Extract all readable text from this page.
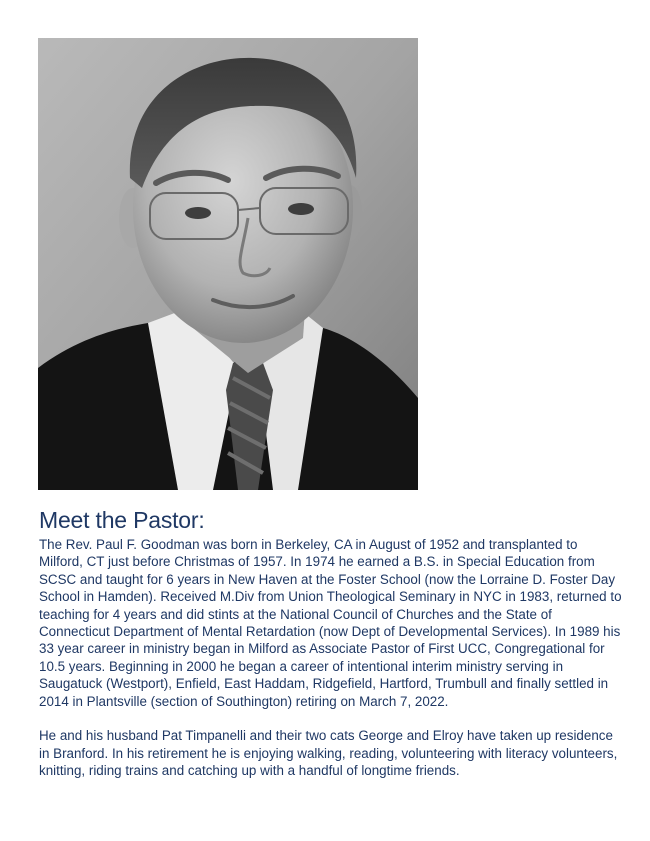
Meet the Pastor:

The Rev. Paul F. Goodman was born in Berkeley, CA in August of 1952 and transplanted to Milford, CT just before Christmas of 1957. In 1974 he earned a B.S. in Special Education from SCSC and taught for 6 years in New Haven at the Foster School (now the Lorraine D. Foster Day School in Hamden). Received M.Div from Union Theological Seminary in NYC in 1983, returned to teaching for 4 years and did stints at the National Council of Churches and the State of Connecticut Department of Mental Retardation (now Dept of Developmental Services). In 1989 his 33 year career in ministry began in Milford as Associate Pastor of First UCC, Congregational for 10.5 years. Beginning in 2000 he began a career of intentional interim ministry serving in Saugatuck (Westport), Enfield, East Haddam, Ridgefield, Hartford, Trumbull and finally settled in 2014 in Plantsville (section of Southington) retiring on March 7, 2022.

He and his husband Pat Timpanelli and their two cats George and Elroy have taken up residence in Branford. In his retirement he is enjoying walking, reading, volunteering with literacy volunteers, knitting, riding trains and catching up with a handful of longtime friends.
